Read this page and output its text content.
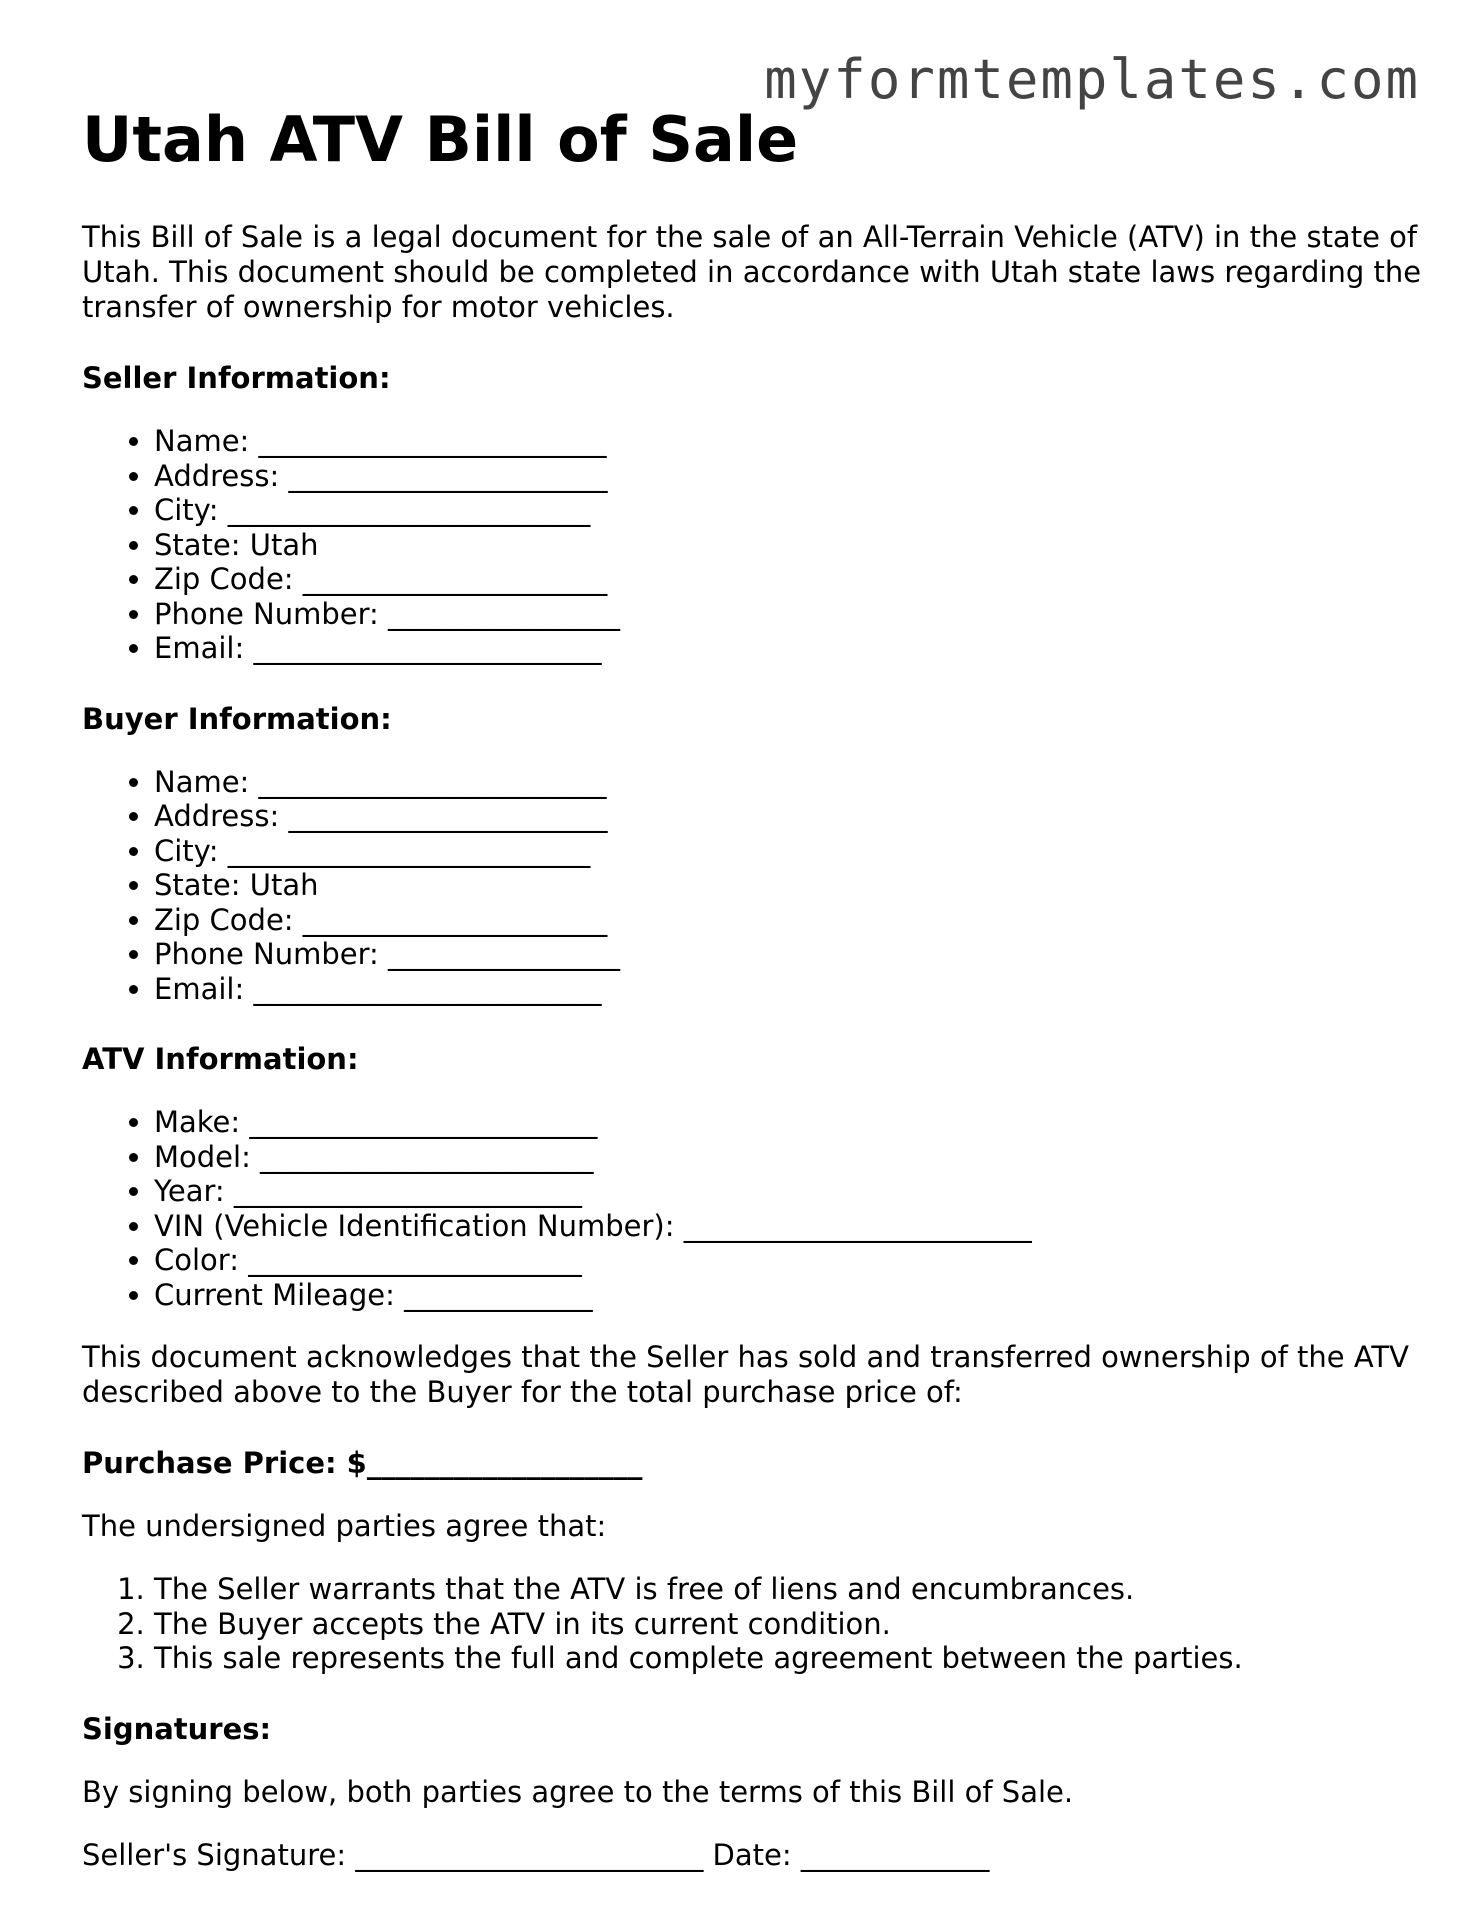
myformtemplates.com
Utah ATV Bill of Sale

This Bill of Sale is a legal document for the sale of an All-Terrain Vehicle (ATV) in the state of Utah. This document should be completed in accordance with Utah state laws regarding the transfer of ownership for motor vehicles.

Seller Information:
• Name: ________________________
• Address: ______________________
• City: _________________________
• State: Utah
• Zip Code: _____________________
• Phone Number: ________________
• Email: ________________________
Buyer Information:
• Name: ________________________
• Address: ______________________
• City: _________________________
• State: Utah
• Zip Code: _____________________
• Phone Number: ________________
• Email: ________________________
ATV Information:
• Make: ________________________
• Model: _______________________
• Year: ________________________
• VIN (Vehicle Identification Number): ________________________
• Color: _______________________
• Current Mileage: _____________

This document acknowledges that the Seller has sold and transferred ownership of the ATV described above to the Buyer for the total purchase price of:

Purchase Price: $___________________

The undersigned parties agree that:

1. The Seller warrants that the ATV is free of liens and encumbrances.
2. The Buyer accepts the ATV in its current condition.
3. This sale represents the full and complete agreement between the parties.
Signatures:

By signing below, both parties agree to the terms of this Bill of Sale.

Seller's Signature: ________________________ Date: _____________
